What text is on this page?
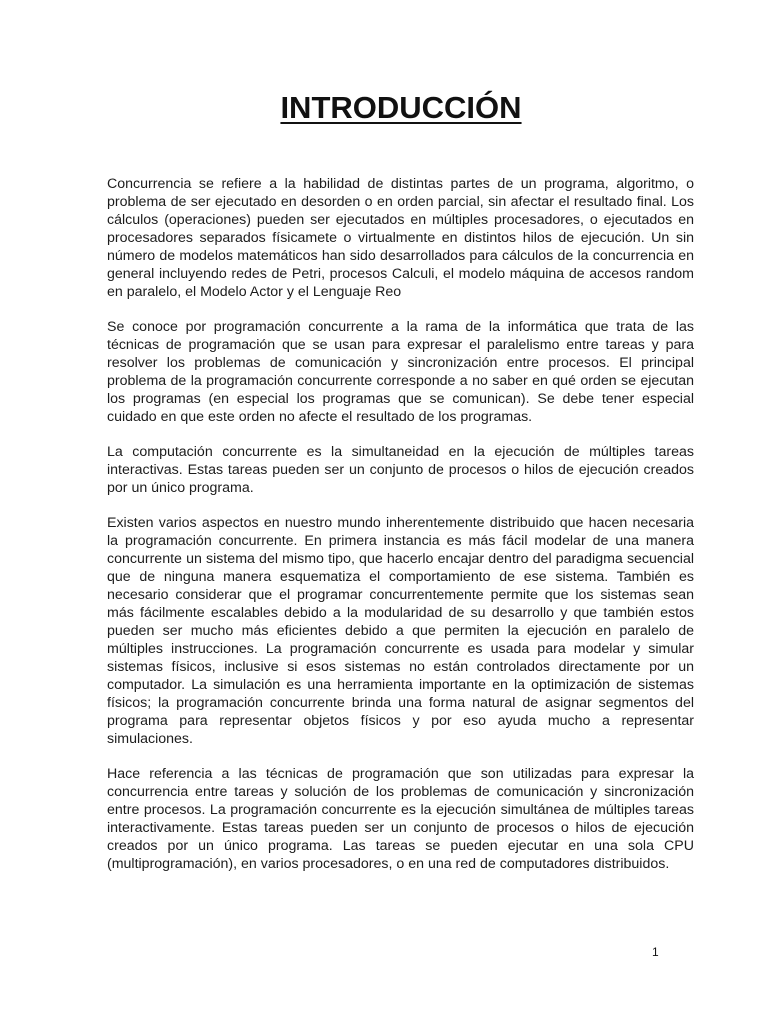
INTRODUCCIÓN

Concurrencia se refiere a la habilidad de distintas partes de un programa, algoritmo, o problema de ser ejecutado en desorden o en orden parcial, sin afectar el resultado final. Los cálculos (operaciones) pueden ser ejecutados en múltiples procesadores, o ejecutados en procesadores separados físicamete o virtualmente en distintos hilos de ejecución. Un sin número de modelos matemáticos han sido desarrollados para cálculos de la concurrencia en general incluyendo redes de Petri, procesos Calculi, el modelo máquina de accesos random en paralelo, el Modelo Actor y el Lenguaje Reo

Se conoce por programación concurrente a la rama de la informática que trata de las técnicas de programación que se usan para expresar el paralelismo entre tareas y para resolver los problemas de comunicación y sincronización entre procesos. El principal problema de la programación concurrente corresponde a no saber en qué orden se ejecutan los programas (en especial los programas que se comunican). Se debe tener especial cuidado en que este orden no afecte el resultado de los programas.

La computación concurrente es la simultaneidad en la ejecución de múltiples tareas interactivas. Estas tareas pueden ser un conjunto de procesos o hilos de ejecución creados por un único programa.

Existen varios aspectos en nuestro mundo inherentemente distribuido que hacen necesaria la programación concurrente. En primera instancia es más fácil modelar de una manera concurrente un sistema del mismo tipo, que hacerlo encajar dentro del paradigma secuencial que de ninguna manera esquematiza el comportamiento de ese sistema. También es necesario considerar que el programar concurrentemente permite que los sistemas sean más fácilmente escalables debido a la modularidad de su desarrollo y que también estos pueden ser mucho más eficientes debido a que permiten la ejecución en paralelo de múltiples instrucciones. La programación concurrente es usada para modelar y simular sistemas físicos, inclusive si esos sistemas no están controlados directamente por un computador. La simulación es una herramienta importante en la optimización de sistemas físicos; la programación concurrente brinda una forma natural de asignar segmentos del programa para representar objetos físicos y por eso ayuda mucho a representar simulaciones.

Hace referencia a las técnicas de programación que son utilizadas para expresar la concurrencia entre tareas y solución de los problemas de comunicación y sincronización entre procesos. La programación concurrente es la ejecución simultánea de múltiples tareas interactivamente. Estas tareas pueden ser un conjunto de procesos o hilos de ejecución creados por un único programa. Las tareas se pueden ejecutar en una sola CPU (multiprogramación), en varios procesadores, o en una red de computadores distribuidos.

1
